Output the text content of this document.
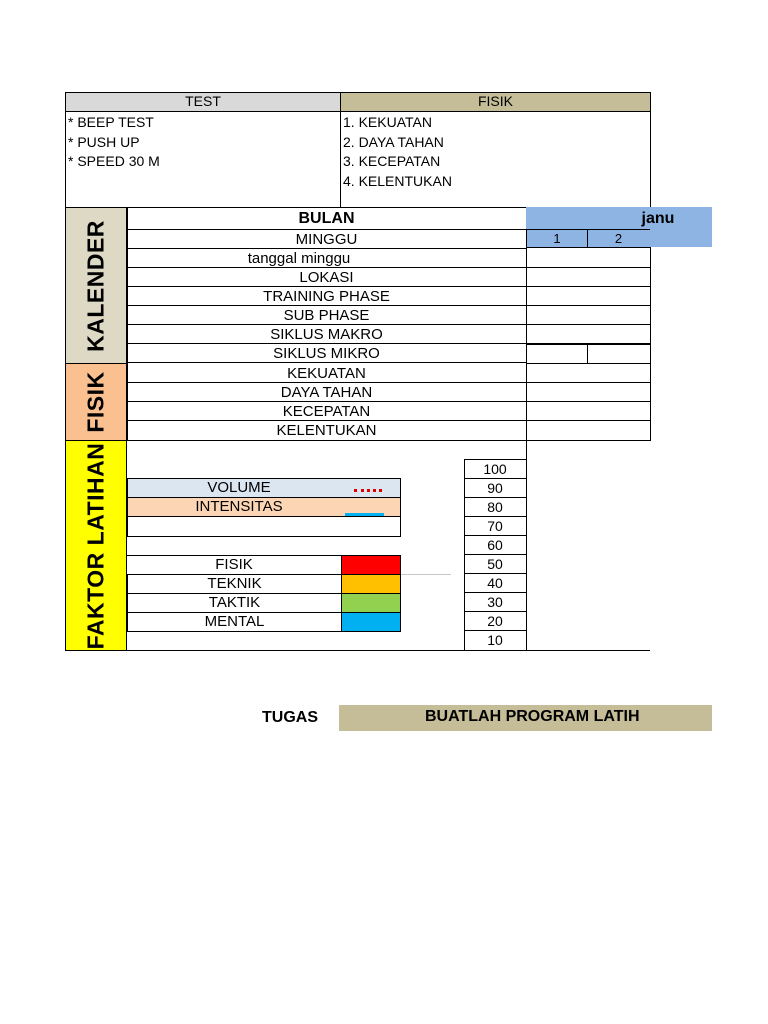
TEST	FISIK
* BEEP TEST
* PUSH UP
* SPEED 30 M
1. KEKUATAN
2. DAYA TAHAN
3. KECEPATAN
4. KELENTUKAN
KALENDER
FISIK
FAKTOR LATIHAN
BULAN	janu
MINGGU	1	2
tanggal minggu
LOKASI
TRAINING PHASE
SUB PHASE
SIKLUS MAKRO
SIKLUS MIKRO
KEKUATAN
DAYA TAHAN
KECEPATAN
KELENTUKAN
100
90
80
70
60
50
40
30
20
10
VOLUME
INTENSITAS
FISIK
TEKNIK
TAKTIK
MENTAL
TUGAS	BUATLAH PROGRAM LATIH
